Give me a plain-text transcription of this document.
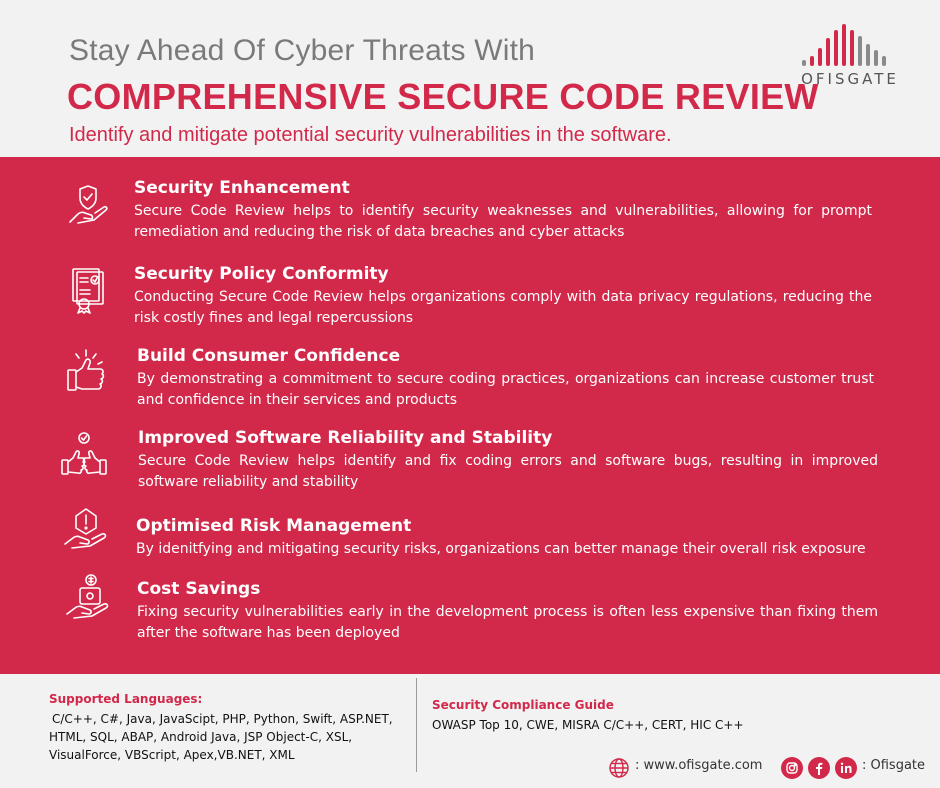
Stay Ahead Of Cyber Threats With
COMPREHENSIVE SECURE CODE REVIEW
Identify and mitigate potential security vulnerabilities in the software.
OFISGATE
Security Enhancement
Secure Code Review helps to identify security weaknesses and vulnerabilities, allowing for prompt remediation and reducing the risk of data breaches and cyber attacks
Security Policy Conformity
Conducting Secure Code Review helps organizations comply with data privacy regulations, reducing the risk costly fines and legal repercussions
Build Consumer Confidence
By demonstrating a commitment to secure coding practices, organizations can increase customer trust and confidence in their services and products
Improved Software Reliability and Stability
Secure Code Review helps identify and fix coding errors and software bugs, resulting in improved software reliability and stability
Optimised Risk Management
By idenitfying and mitigating security risks, organizations can better manage their overall risk exposure
Cost Savings
Fixing security vulnerabilities early in the development process is often less expensive than fixing them after the software has been deployed
Supported Languages:
C/C++, C#, Java, JavaScipt, PHP, Python, Swift, ASP.NET,
HTML, SQL, ABAP, Android Java, JSP Object-C, XSL,
VisualForce, VBScript, Apex,VB.NET, XML
Security Compliance Guide
OWASP Top 10, CWE, MISRA C/C++, CERT, HIC C++
: www.ofisgate.com	: Ofisgate
